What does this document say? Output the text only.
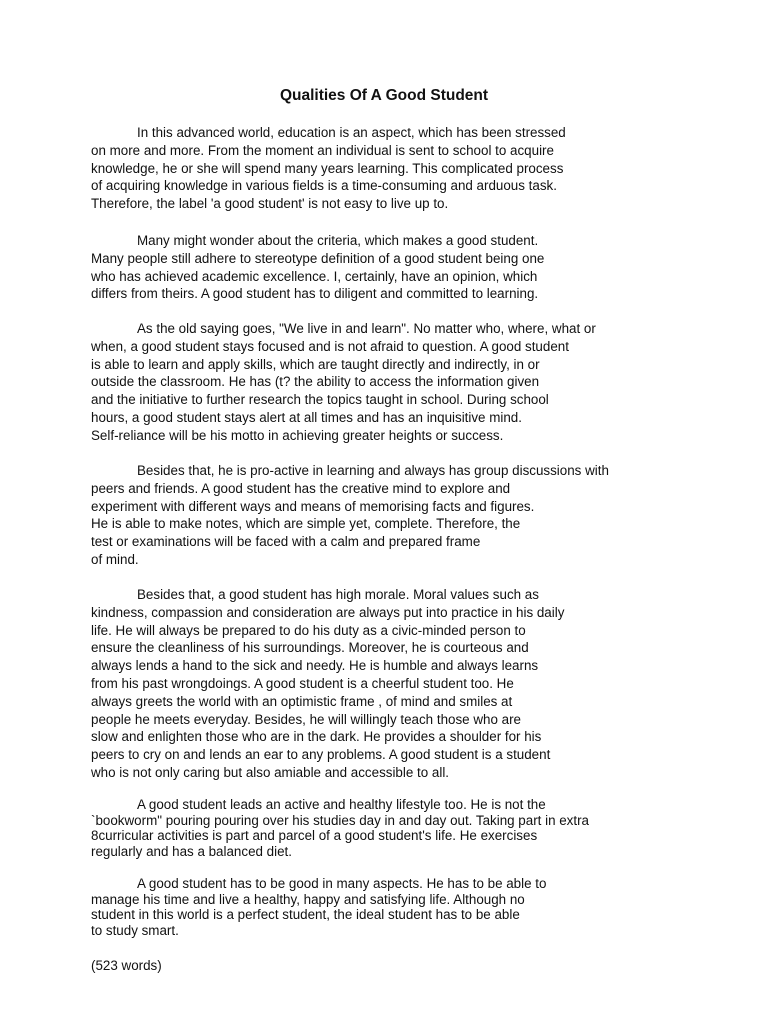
Qualities Of A Good Student
In this advanced world, education is an aspect, which has been stressed
on more and more. From the moment an individual is sent to school to acquire
knowledge, he or she will spend many years learning. This complicated process
of acquiring knowledge in various fields is a time-consuming and arduous task.
Therefore, the label 'a good student' is not easy to live up to.
Many might wonder about the criteria, which makes a good student.
Many people still adhere to stereotype definition of a good student being one
who has achieved academic excellence. I, certainly, have an opinion, which
differs from theirs. A good student has to diligent and committed to learning.
As the old saying goes, "We live in and learn". No matter who, where, what or
when, a good student stays focused and is not afraid to question. A good student
is able to learn and apply skills, which are taught directly and indirectly, in or
outside the classroom. He has (t? the ability to access the information given
and the initiative to further research the topics taught in school. During school
hours, a good student stays alert at all times and has an inquisitive mind.
Self-reliance will be his motto in achieving greater heights or success.
Besides that, he is pro-active in learning and always has group discussions with
peers and friends. A good student has the creative mind to explore and
experiment with different ways and means of memorising facts and figures.
He is able to make notes, which are simple yet, complete. Therefore, the
test or examinations will be faced with a calm and prepared frame
of mind.
Besides that, a good student has high morale. Moral values such as
kindness, compassion and consideration are always put into practice in his daily
life. He will always be prepared to do his duty as a civic-minded person to
ensure the cleanliness of his surroundings. Moreover, he is courteous and
always lends a hand to the sick and needy. He is humble and always learns
from his past wrongdoings. A good student is a cheerful student too. He
always greets the world with an optimistic frame , of mind and smiles at
people he meets everyday. Besides, he will willingly teach those who are
slow and enlighten those who are in the dark. He provides a shoulder for his
peers to cry on and lends an ear to any problems. A good student is a student
who is not only caring but also amiable and accessible to all.
A good student leads an active and healthy lifestyle too. He is not the
`bookworm" pouring pouring over his studies day in and day out. Taking part in extra
8curricular activities is part and parcel of a good student's life. He exercises
regularly and has a balanced diet.
A good student has to be good in many aspects. He has to be able to
manage his time and live a healthy, happy and satisfying life. Although no
student in this world is a perfect student, the ideal student has to be able
to study smart.
(523 words)
